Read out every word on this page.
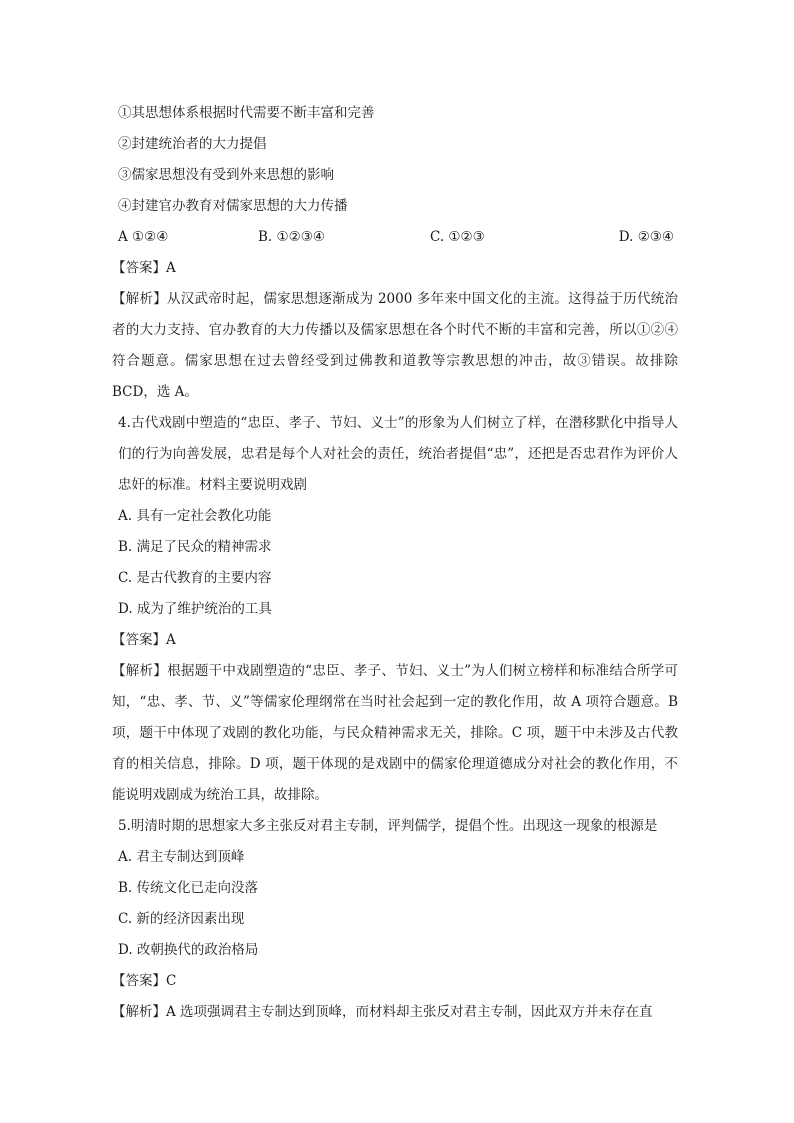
①其思想体系根据时代需要不断丰富和完善
②封建统治者的大力提倡
③儒家思想没有受到外来思想的影响
④封建官办教育对儒家思想的大力传播
A ①②④	B. ①②③④	C. ①②③	D. ②③④
【答案】A
【解析】从汉武帝时起，儒家思想逐渐成为 2000 多年来中国文化的主流。这得益于历代统治者的大力支持、官办教育的大力传播以及儒家思想在各个时代不断的丰富和完善，所以①②④符合题意。儒家思想在过去曾经受到过佛教和道教等宗教思想的冲击，故③错误。故排除 BCD，选 A。
4.古代戏剧中塑造的“忠臣、孝子、节妇、义士”的形象为人们树立了样，在潜移默化中指导人们的行为向善发展，忠君是每个人对社会的责任，统治者提倡“忠”，还把是否忠君作为评价人忠奸的标准。材料主要说明戏剧
A. 具有一定社会教化功能
B. 满足了民众的精神需求
C. 是古代教育的主要内容
D. 成为了维护统治的工具
【答案】A
【解析】根据题干中戏剧塑造的“忠臣、孝子、节妇、义士”为人们树立榜样和标准结合所学可知，“忠、孝、节、义”等儒家伦理纲常在当时社会起到一定的教化作用，故 A 项符合题意。B 项，题干中体现了戏剧的教化功能，与民众精神需求无关，排除。C 项，题干中未涉及古代教育的相关信息，排除。D 项，题干体现的是戏剧中的儒家伦理道德成分对社会的教化作用，不能说明戏剧成为统治工具，故排除。
5.明清时期的思想家大多主张反对君主专制，评判儒学，提倡个性。出现这一现象的根源是
A. 君主专制达到顶峰
B. 传统文化已走向没落
C. 新的经济因素出现
D. 改朝换代的政治格局
【答案】C
【解析】A 选项强调君主专制达到顶峰，而材料却主张反对君主专制，因此双方并未存在直
